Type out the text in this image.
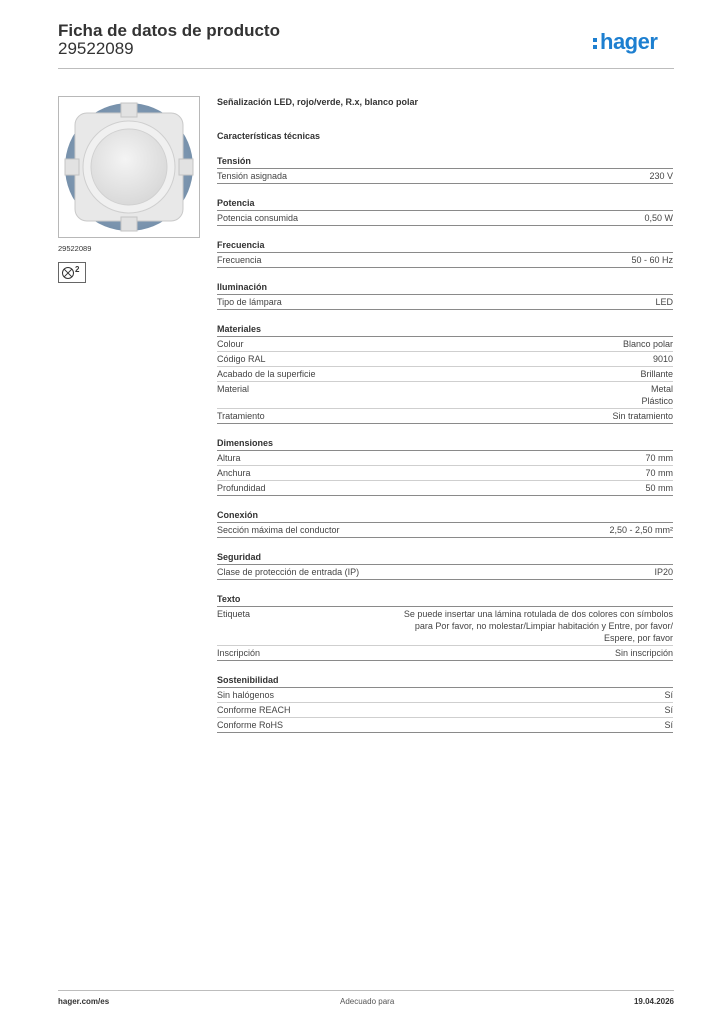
Ficha de datos de producto
29522089	hager
29522089
2
Señalización LED, rojo/verde, R.x, blanco polar
Características técnicas
Tensión
Tensión asignada	230 V
Potencia
Potencia consumida	0,50 W
Frecuencia
Frecuencia	50 - 60 Hz
Iluminación
Tipo de lámpara	LED
Materiales
Colour	Blanco polar
Código RAL	9010
Acabado de la superficie	Brillante
Material	Metal
Plástico
Tratamiento	Sin tratamiento
Dimensiones
Altura	70 mm
Anchura	70 mm
Profundidad	50 mm
Conexión
Sección máxima del conductor	2,50 - 2,50 mm²
Seguridad
Clase de protección de entrada (IP)	IP20
Texto
Etiqueta	Se puede insertar una lámina rotulada de dos colores con símbolos
para Por favor, no molestar/Limpiar habitación y Entre, por favor/
Espere, por favor
Inscripción	Sin inscripción
Sostenibilidad
Sin halógenos	Sí
Conforme REACH	Sí
Conforme RoHS	Sí
hager.com/es	Adecuado para	19.04.2026
